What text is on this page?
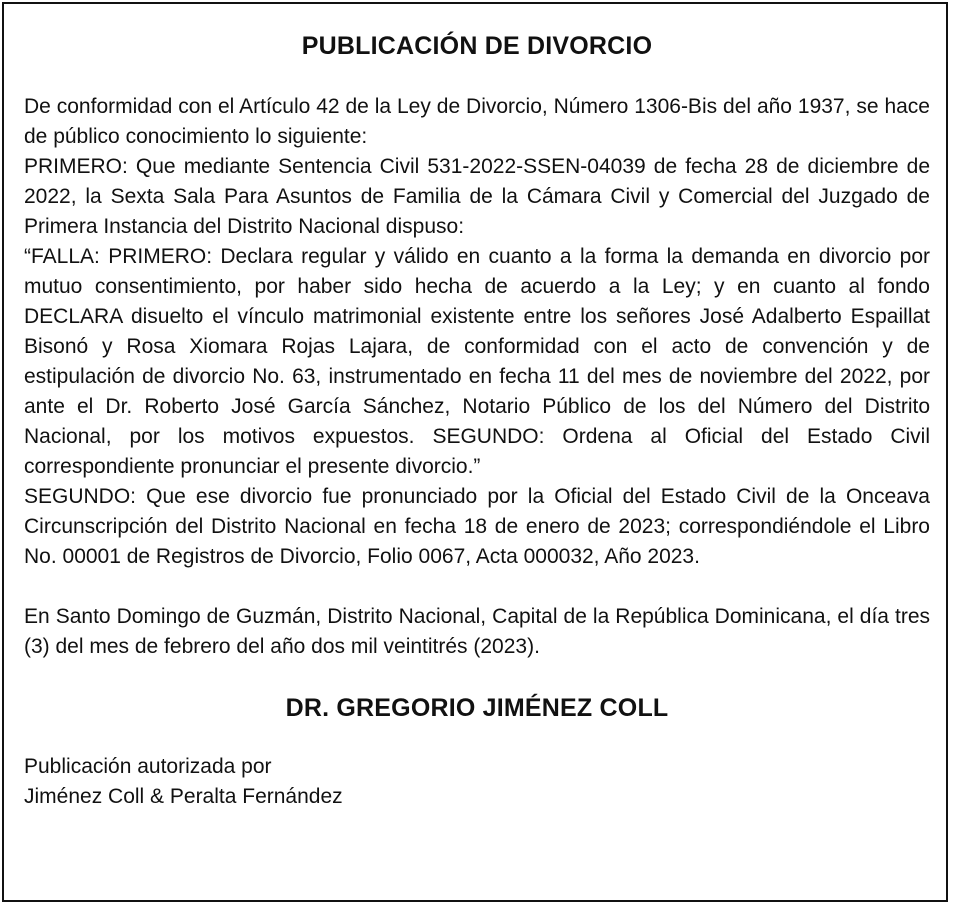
PUBLICACIÓN DE DIVORCIO

De conformidad con el Artículo 42 de la Ley de Divorcio, Número 1306-Bis del año 1937, se hace de público conocimiento lo siguiente:

PRIMERO: Que mediante Sentencia Civil 531-2022-SSEN-04039 de fecha 28 de diciembre de 2022, la Sexta Sala Para Asuntos de Familia de la Cámara Civil y Comercial del Juzgado de Primera Instancia del Distrito Nacional dispuso:

“FALLA: PRIMERO: Declara regular y válido en cuanto a la forma la demanda en divorcio por mutuo consentimiento, por haber sido hecha de acuerdo a la Ley; y en cuanto al fondo DECLARA disuelto el vínculo matrimonial existente entre los señores José Adalberto Espaillat Bisonó y Rosa Xiomara Rojas Lajara, de conformidad con el acto de convención y de estipulación de divorcio No. 63, instrumentado en fecha 11 del mes de noviembre del 2022, por ante el Dr. Roberto José García Sánchez, Notario Público de los del Número del Distrito Nacional, por los motivos expuestos. SEGUNDO: Ordena al Oficial del Estado Civil correspondiente pronunciar el presente divorcio.”

SEGUNDO: Que ese divorcio fue pronunciado por la Oficial del Estado Civil de la Onceava Circunscripción del Distrito Nacional en fecha 18 de enero de 2023; correspondiéndole el Libro No. 00001 de Registros de Divorcio, Folio 0067, Acta 000032, Año 2023.

En Santo Domingo de Guzmán, Distrito Nacional, Capital de la República Dominicana, el día tres (3) del mes de febrero del año dos mil veintitrés (2023).

DR. GREGORIO JIMÉNEZ COLL

Publicación autorizada por

Jiménez Coll & Peralta Fernández
